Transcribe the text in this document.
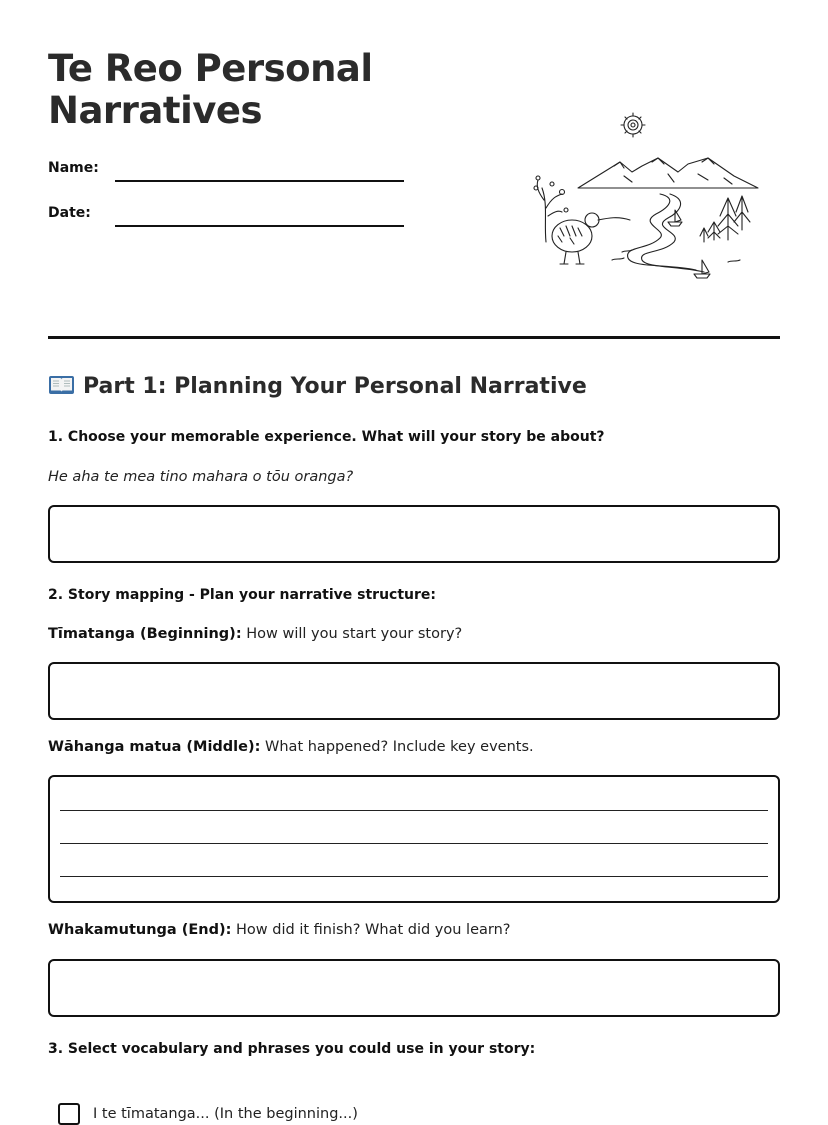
Te Reo Personal Narratives
Name:
Date:
Part 1: Planning Your Personal Narrative
1. Choose your memorable experience. What will your story be about?
He aha te mea tino mahara o tōu oranga?
2. Story mapping - Plan your narrative structure:
Tīmatanga (Beginning): How will you start your story?
Wāhanga matua (Middle): What happened? Include key events.
Whakamutunga (End): How did it finish? What did you learn?
3. Select vocabulary and phrases you could use in your story:
I te tīmatanga... (In the beginning...)
